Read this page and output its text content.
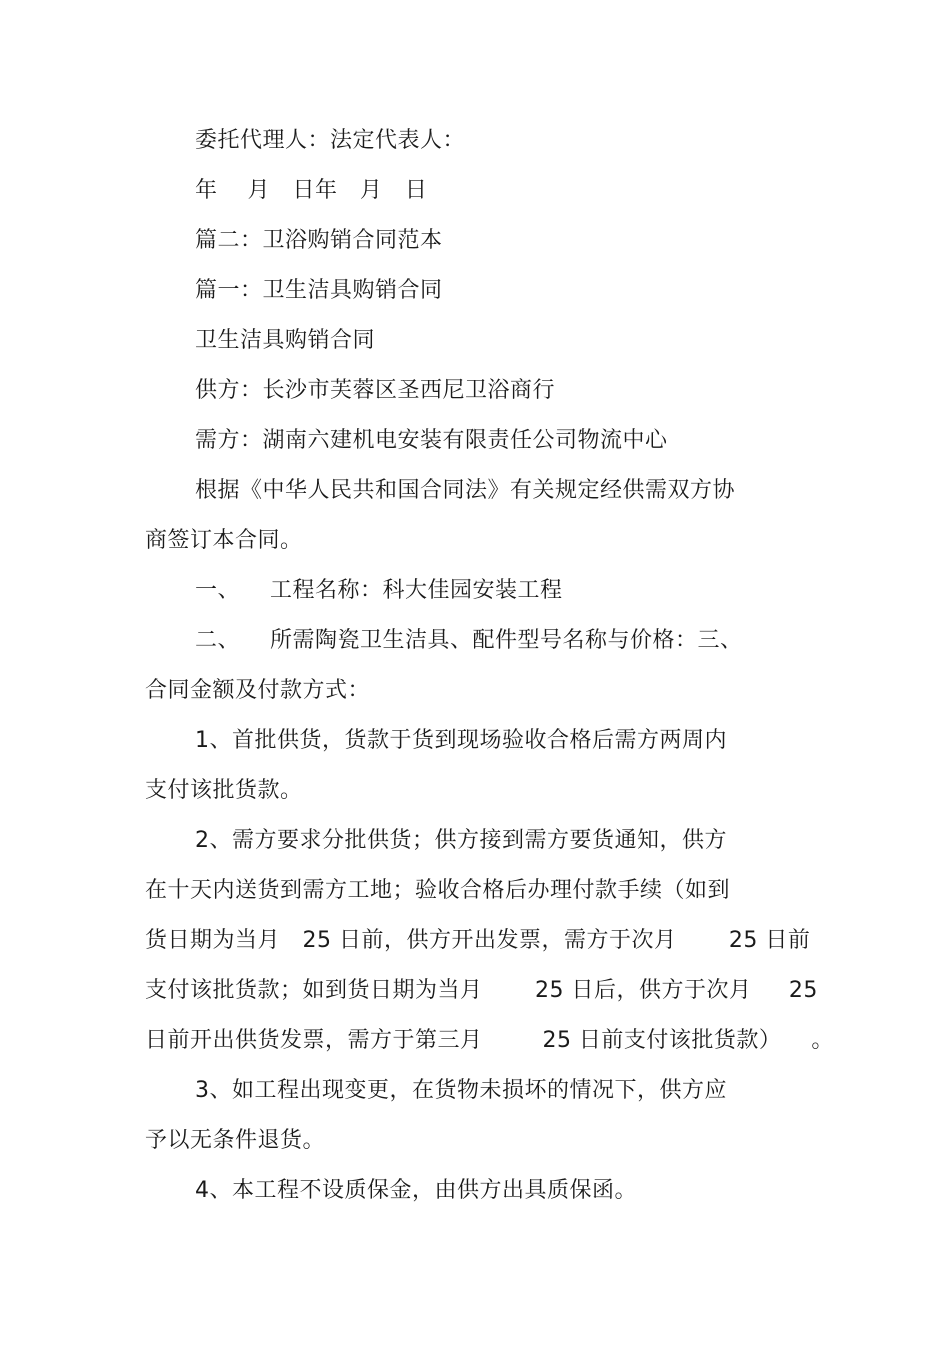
委托代理人：法定代表人：
年    月   日年   月   日
篇二：卫浴购销合同范本
篇一：卫生洁具购销合同
卫生洁具购销合同
供方：长沙市芙蓉区圣西尼卫浴商行
需方：湖南六建机电安装有限责任公司物流中心
根据《中华人民共和国合同法》有关规定经供需双方协
商签订本合同。
一、    工程名称：科大佳园安装工程
二、    所需陶瓷卫生洁具、配件型号名称与价格：三、
合同金额及付款方式：
1、首批供货，货款于货到现场验收合格后需方两周内
支付该批货款。
2、需方要求分批供货；供方接到需方要货通知，供方
在十天内送货到需方工地；验收合格后办理付款手续（如到
货日期为当月   25 日前，供方开出发票，需方于次月       25 日前
支付该批货款；如到货日期为当月       25 日后，供方于次月     25
日前开出供货发票，需方于第三月        25 日前支付该批货款）    。
3、如工程出现变更，在货物未损坏的情况下，供方应
予以无条件退货。
4、本工程不设质保金，由供方出具质保函。
